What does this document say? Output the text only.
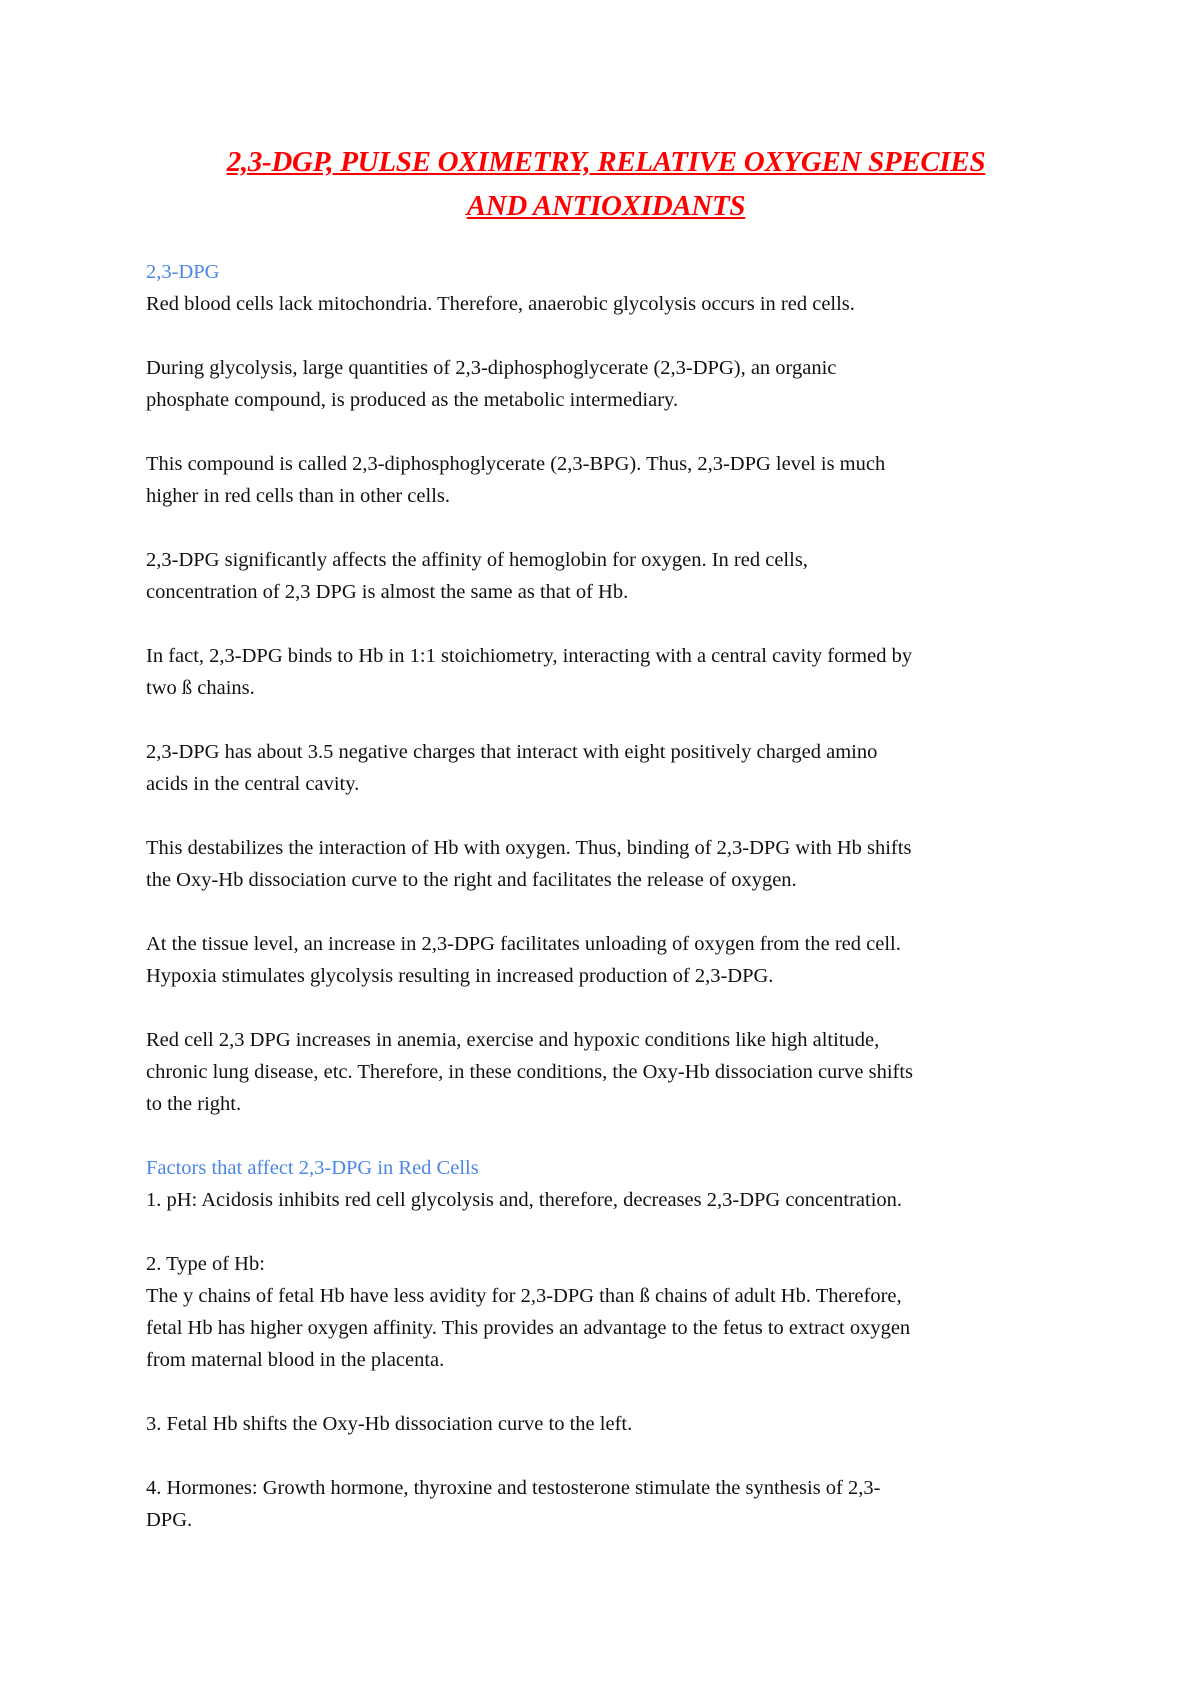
2,3-DGP, PULSE OXIMETRY, RELATIVE OXYGEN SPECIES
AND ANTIOXIDANTS
2,3-DPG

Red blood cells lack mitochondria. Therefore, anaerobic glycolysis occurs in red cells.

During glycolysis, large quantities of 2,3-diphosphoglycerate (2,3-DPG), an organic
phosphate compound, is produced as the metabolic intermediary.

This compound is called 2,3-diphosphoglycerate (2,3-BPG). Thus, 2,3-DPG level is much
higher in red cells than in other cells.

2,3-DPG significantly affects the affinity of hemoglobin for oxygen. In red cells,
concentration of 2,3 DPG is almost the same as that of Hb.

In fact, 2,3-DPG binds to Hb in 1:1 stoichiometry, interacting with a central cavity formed by
two ß chains.

2,3-DPG has about 3.5 negative charges that interact with eight positively charged amino
acids in the central cavity.

This destabilizes the interaction of Hb with oxygen. Thus, binding of 2,3-DPG with Hb shifts
the Oxy-Hb dissociation curve to the right and facilitates the release of oxygen.

At the tissue level, an increase in 2,3-DPG facilitates unloading of oxygen from the red cell.
Hypoxia stimulates glycolysis resulting in increased production of 2,3-DPG.

Red cell 2,3 DPG increases in anemia, exercise and hypoxic conditions like high altitude,
chronic lung disease, etc. Therefore, in these conditions, the Oxy-Hb dissociation curve shifts
to the right.

Factors that affect 2,3-DPG in Red Cells

1. pH: Acidosis inhibits red cell glycolysis and, therefore, decreases 2,3-DPG concentration.

2. Type of Hb:
The y chains of fetal Hb have less avidity for 2,3-DPG than ß chains of adult Hb. Therefore,
fetal Hb has higher oxygen affinity. This provides an advantage to the fetus to extract oxygen
from maternal blood in the placenta.

3. Fetal Hb shifts the Oxy-Hb dissociation curve to the left.

4. Hormones: Growth hormone, thyroxine and testosterone stimulate the synthesis of 2,3-
DPG.
